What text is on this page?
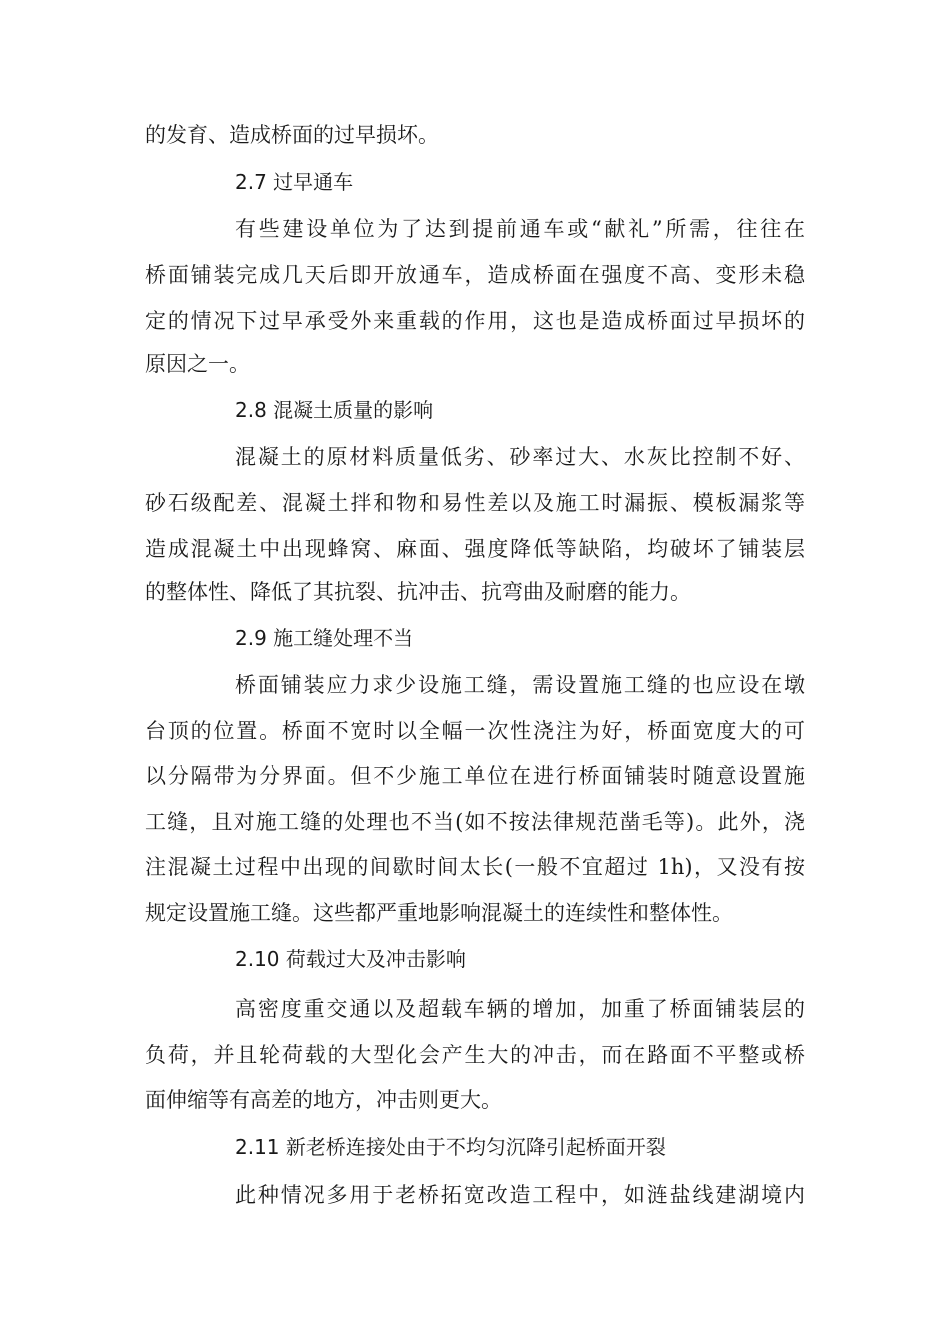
的发育、造成桥面的过早损坏。
2.7 过早通车
有些建设单位为了达到提前通车或“献礼”所需，往往在
桥面铺装完成几天后即开放通车，造成桥面在强度不高、变形未稳
定的情况下过早承受外来重载的作用，这也是造成桥面过早损坏的
原因之一。
2.8 混凝土质量的影响
混凝土的原材料质量低劣、砂率过大、水灰比控制不好、
砂石级配差、混凝土拌和物和易性差以及施工时漏振、模板漏浆等
造成混凝土中出现蜂窝、麻面、强度降低等缺陷，均破坏了铺装层
的整体性、降低了其抗裂、抗冲击、抗弯曲及耐磨的能力。
2.9 施工缝处理不当
桥面铺装应力求少设施工缝，需设置施工缝的也应设在墩
台顶的位置。桥面不宽时以全幅一次性浇注为好，桥面宽度大的可
以分隔带为分界面。但不少施工单位在进行桥面铺装时随意设置施
工缝，且对施工缝的处理也不当(如不按法律规范凿毛等)。此外，浇
注混凝土过程中出现的间歇时间太长(一般不宜超过 1h)，又没有按
规定设置施工缝。这些都严重地影响混凝土的连续性和整体性。
2.10 荷载过大及冲击影响
高密度重交通以及超载车辆的增加，加重了桥面铺装层的
负荷，并且轮荷载的大型化会产生大的冲击，而在路面不平整或桥
面伸缩等有高差的地方，冲击则更大。
2.11 新老桥连接处由于不均匀沉降引起桥面开裂
此种情况多用于老桥拓宽改造工程中，如涟盐线建湖境内
